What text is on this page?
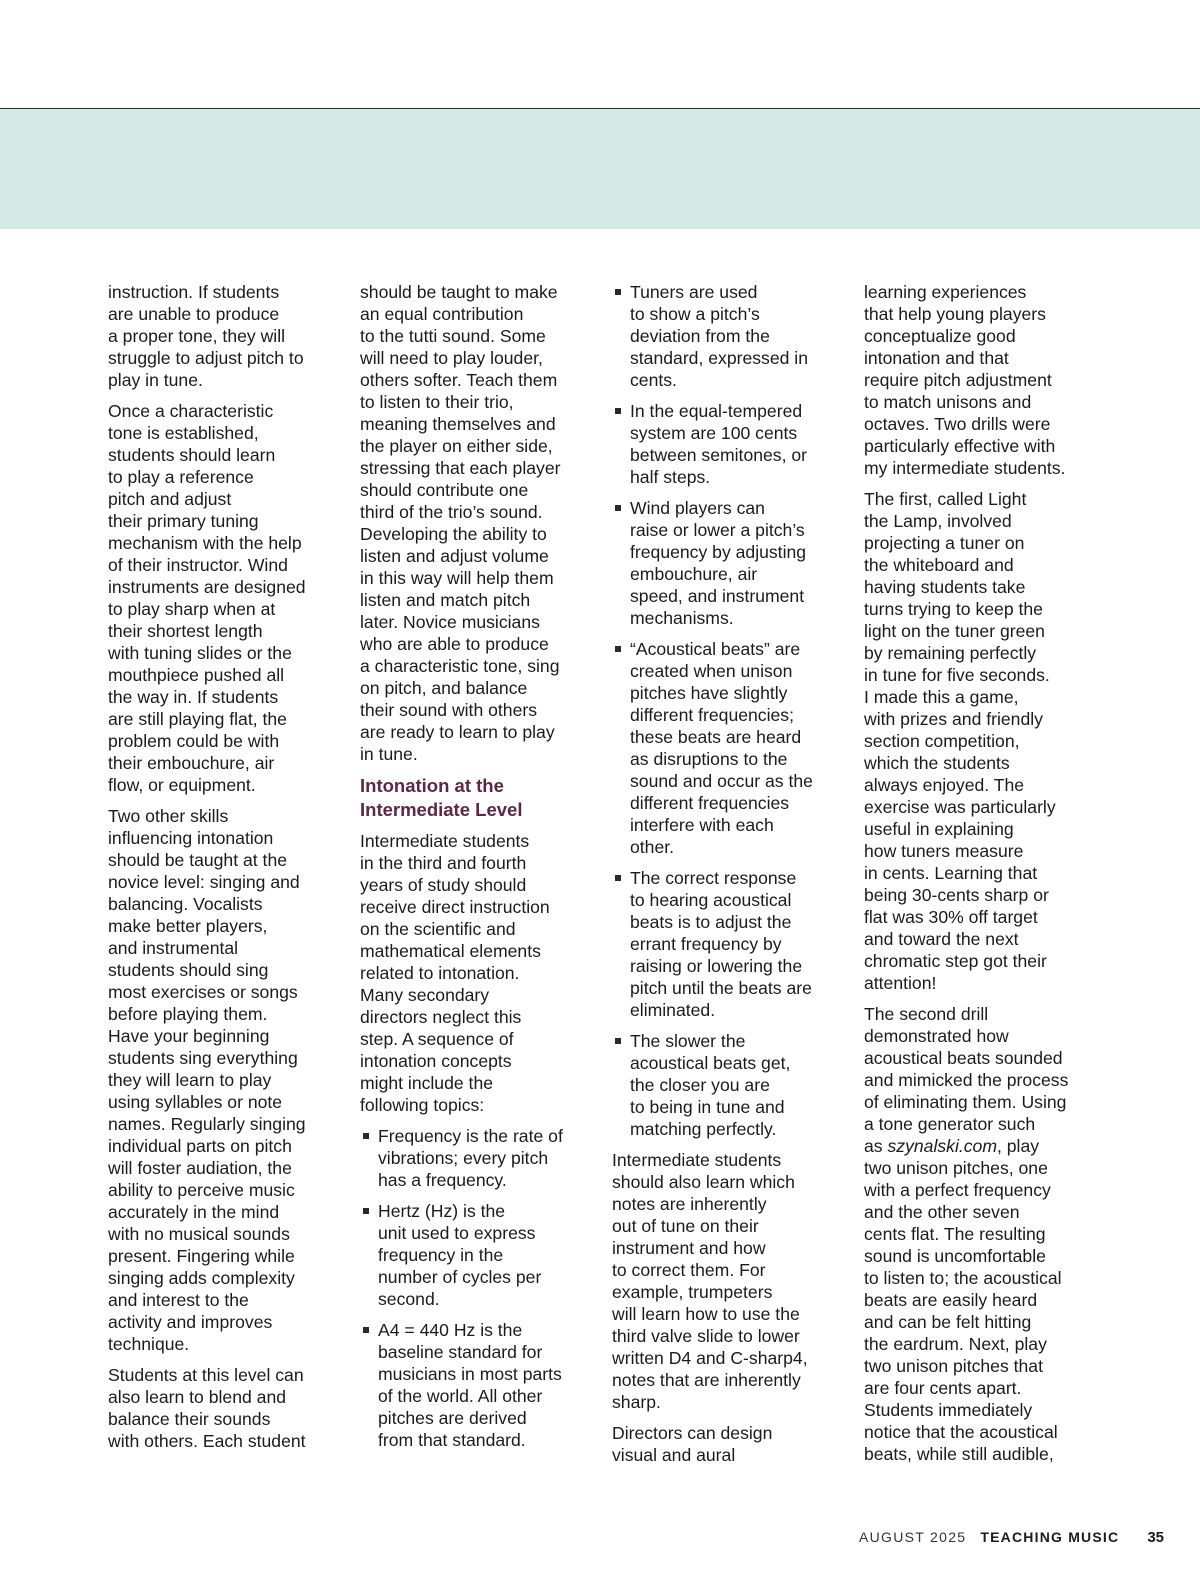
instruction. If students
are unable to produce
a proper tone, they will
struggle to adjust pitch to
play in tune.

Once a characteristic
tone is established,
students should learn
to play a reference
pitch and adjust
their primary tuning
mechanism with the help
of their instructor. Wind
instruments are designed
to play sharp when at
their shortest length
with tuning slides or the
mouthpiece pushed all
the way in. If students
are still playing flat, the
problem could be with
their embouchure, air
flow, or equipment.

Two other skills
influencing intonation
should be taught at the
novice level: singing and
balancing. Vocalists
make better players,
and instrumental
students should sing
most exercises or songs
before playing them.
Have your beginning
students sing everything
they will learn to play
using syllables or note
names. Regularly singing
individual parts on pitch
will foster audiation, the
ability to perceive music
accurately in the mind
with no musical sounds
present. Fingering while
singing adds complexity
and interest to the
activity and improves
technique.

Students at this level can
also learn to blend and
balance their sounds
with others. Each student

should be taught to make
an equal contribution
to the tutti sound. Some
will need to play louder,
others softer. Teach them
to listen to their trio,
meaning themselves and
the player on either side,
stressing that each player
should contribute one
third of the trio’s sound.
Developing the ability to
listen and adjust volume
in this way will help them
listen and match pitch
later. Novice musicians
who are able to produce
a characteristic tone, sing
on pitch, and balance
their sound with others
are ready to learn to play
in tune.

Intonation at the
Intermediate Level

Intermediate students
in the third and fourth
years of study should
receive direct instruction
on the scientific and
mathematical elements
related to intonation.
Many secondary
directors neglect this
step. A sequence of
intonation concepts
might include the
following topics:

Frequency is the rate of
vibrations; every pitch
has a frequency.
Hertz (Hz) is the
unit used to express
frequency in the
number of cycles per
second.
A4 = 440 Hz is the
baseline standard for
musicians in most parts
of the world. All other
pitches are derived
from that standard.
Tuners are used
to show a pitch’s
deviation from the
standard, expressed in
cents.
In the equal-tempered
system are 100 cents
between semitones, or
half steps.
Wind players can
raise or lower a pitch’s
frequency by adjusting
embouchure, air
speed, and instrument
mechanisms.
“Acoustical beats” are
created when unison
pitches have slightly
different frequencies;
these beats are heard
as disruptions to the
sound and occur as the
different frequencies
interfere with each
other.
The correct response
to hearing acoustical
beats is to adjust the
errant frequency by
raising or lowering the
pitch until the beats are
eliminated.
The slower the
acoustical beats get,
the closer you are
to being in tune and
matching perfectly.

Intermediate students
should also learn which
notes are inherently
out of tune on their
instrument and how
to correct them. For
example, trumpeters
will learn how to use the
third valve slide to lower
written D4 and C-sharp4,
notes that are inherently
sharp.

Directors can design
visual and aural

learning experiences
that help young players
conceptualize good
intonation and that
require pitch adjustment
to match unisons and
octaves. Two drills were
particularly effective with
my intermediate students.

The first, called Light
the Lamp, involved
projecting a tuner on
the whiteboard and
having students take
turns trying to keep the
light on the tuner green
by remaining perfectly
in tune for five seconds.
I made this a game,
with prizes and friendly
section competition,
which the students
always enjoyed. The
exercise was particularly
useful in explaining
how tuners measure
in cents. Learning that
being 30-cents sharp or
flat was 30% off target
and toward the next
chromatic step got their
attention!

The second drill
demonstrated how
acoustical beats sounded
and mimicked the process
of eliminating them. Using
a tone generator such
as szynalski.com, play
two unison pitches, one
with a perfect frequency
and the other seven
cents flat. The resulting
sound is uncomfortable
to listen to; the acoustical
beats are easily heard
and can be felt hitting
the eardrum. Next, play
two unison pitches that
are four cents apart.
Students immediately
notice that the acoustical
beats, while still audible,

AUGUST 2025 TEACHING MUSIC 35
